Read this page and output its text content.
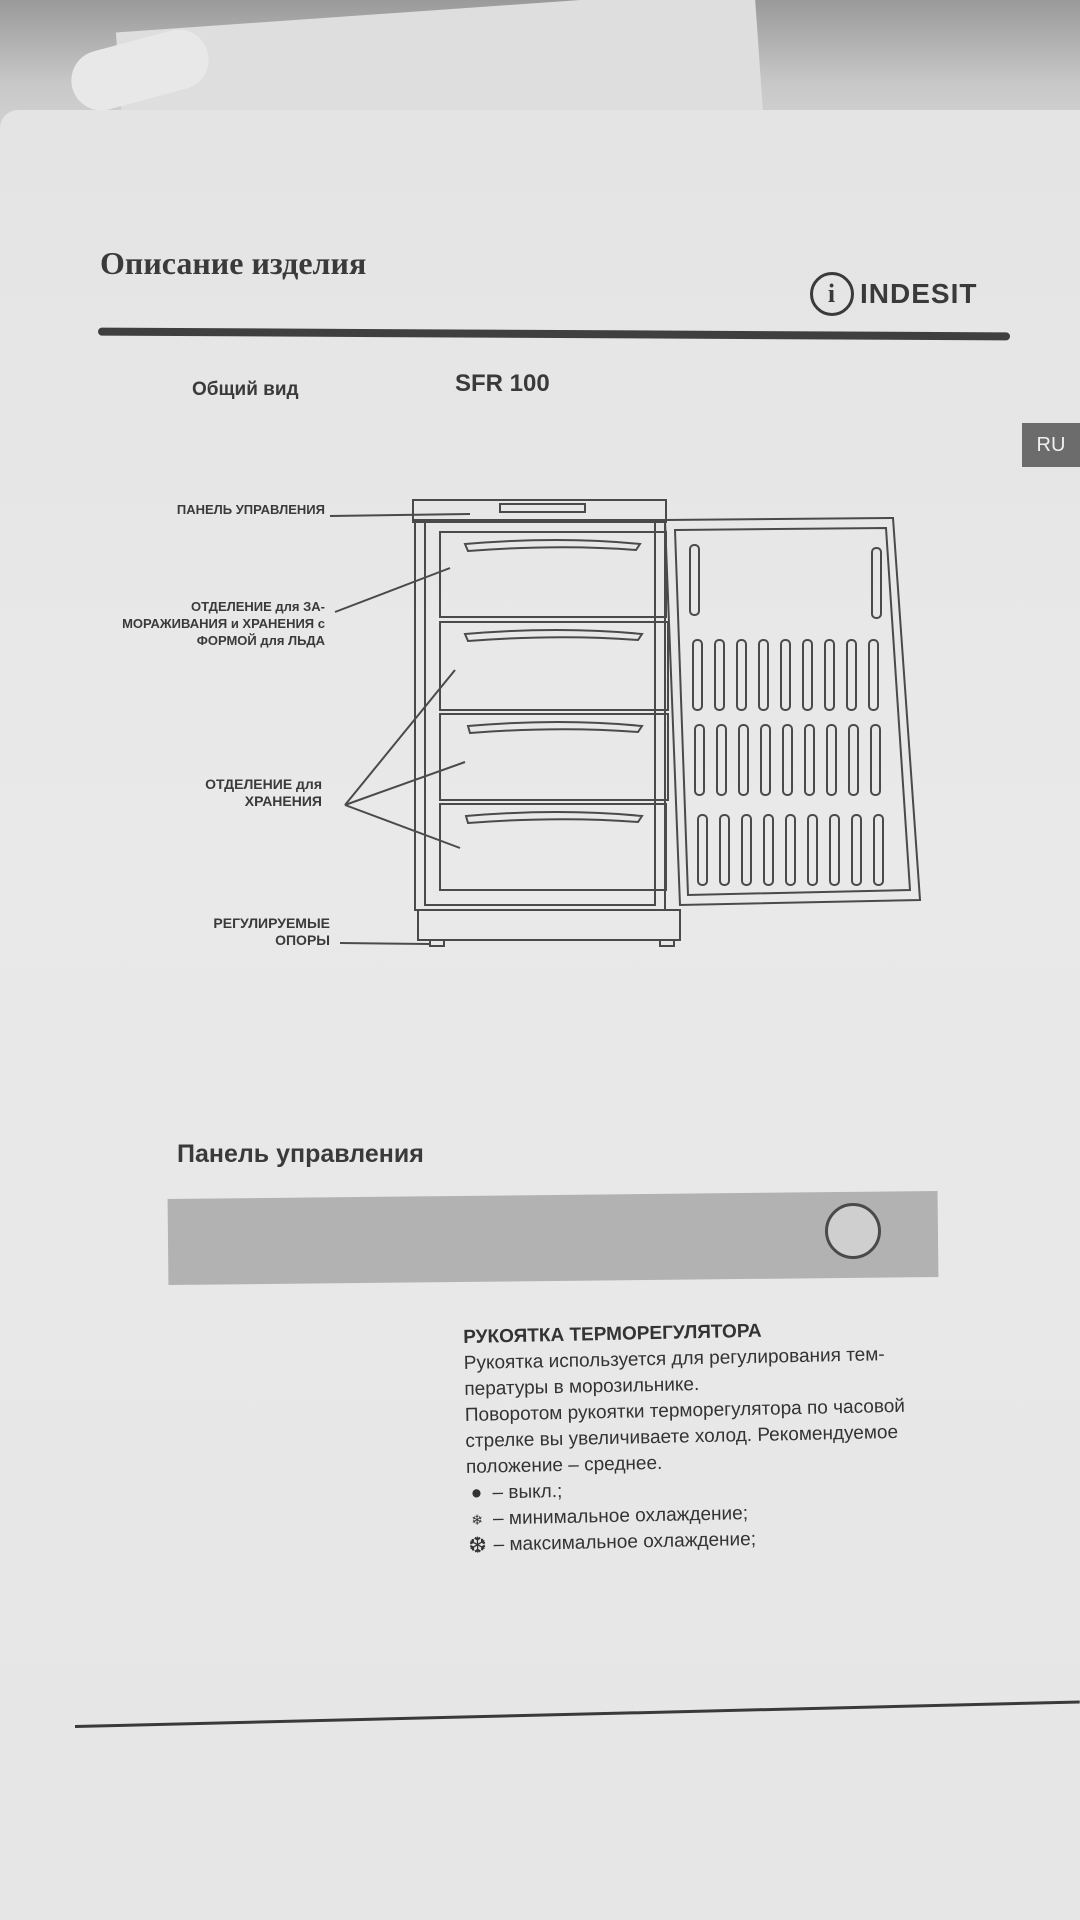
Описание изделия
i INDESIT
RU
Общий вид	SFR 100
ПАНЕЛЬ УПРАВЛЕНИЯ
ОТДЕЛЕНИЕ для ЗА-
МОРАЖИВАНИЯ и ХРАНЕНИЯ с
ФОРМОЙ для ЛЬДА
ОТДЕЛЕНИЕ для
ХРАНЕНИЯ
РЕГУЛИРУЕМЫЕ
ОПОРЫ
Панель управления
РУКОЯТКА ТЕРМОРЕГУЛЯТОРА
Рукоятка используется для регулирования тем-
пературы в морозильнике.
Поворотом рукоятки терморегулятора по часовой
стрелке вы увеличиваете холод. Рекомендуемое
положение – среднее.
● – выкл.;
❄ – минимальное охлаждение;
❆ – максимальное охлаждение;
